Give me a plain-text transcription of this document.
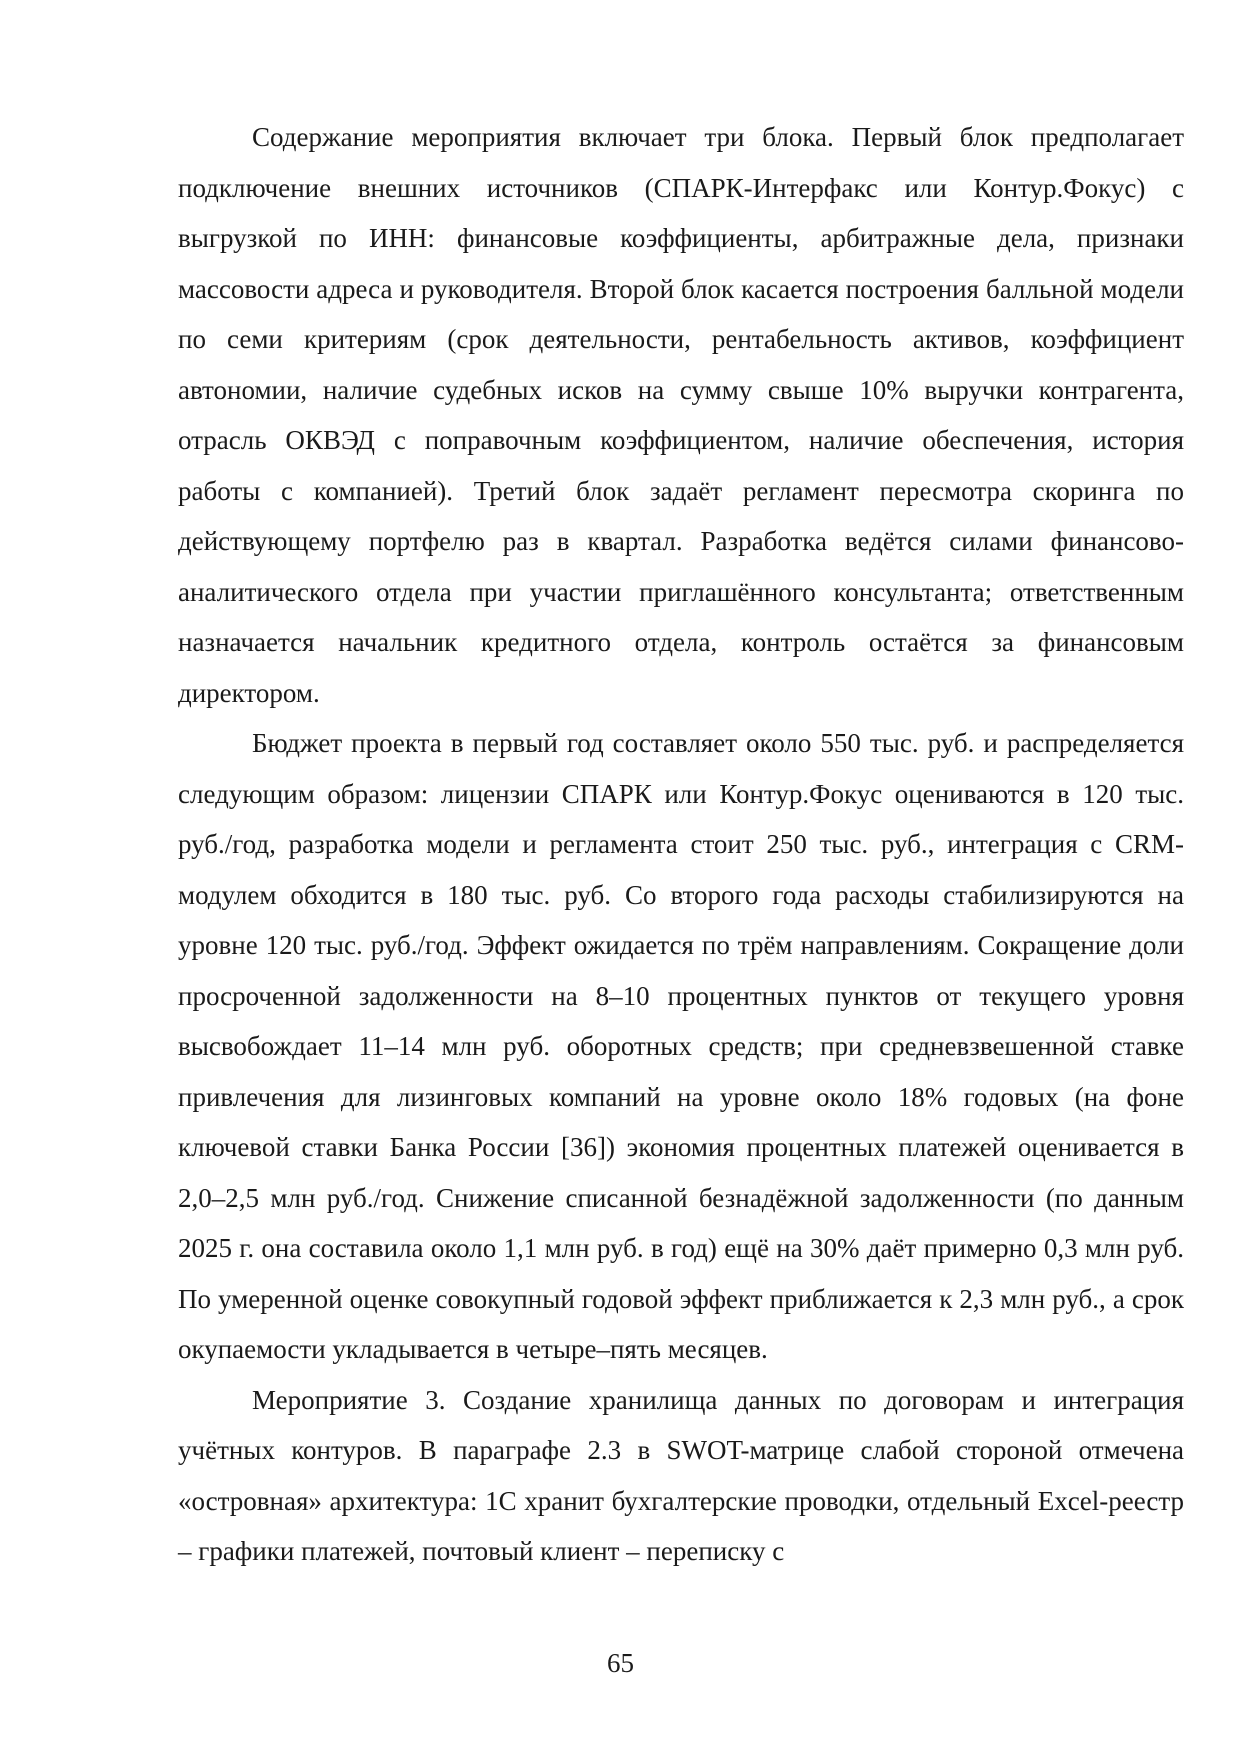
Содержание мероприятия включает три блока. Первый блок предполагает подключение внешних источников (СПАРК-Интерфакс или Контур.Фокус) с выгрузкой по ИНН: финансовые коэффициенты, арбитражные дела, признаки массовости адреса и руководителя. Второй блок касается построения балльной модели по семи критериям (срок деятельности, рентабельность активов, коэффициент автономии, наличие судебных исков на сумму свыше 10% выручки контрагента, отрасль ОКВЭД с поправочным коэффициентом, наличие обеспечения, история работы с компанией). Третий блок задаёт регламент пересмотра скоринга по действующему портфелю раз в квартал. Разработка ведётся силами финансово-аналитического отдела при участии приглашённого консультанта; ответственным назначается начальник кредитного отдела, контроль остаётся за финансовым директором.

Бюджет проекта в первый год составляет около 550 тыс. руб. и распределяется следующим образом: лицензии СПАРК или Контур.Фокус оцениваются в 120 тыс. руб./год, разработка модели и регламента стоит 250 тыс. руб., интеграция с CRM-модулем обходится в 180 тыс. руб. Со второго года расходы стабилизируются на уровне 120 тыс. руб./год. Эффект ожидается по трём направлениям. Сокращение доли просроченной задолженности на 8–10 процентных пунктов от текущего уровня высвобождает 11–14 млн руб. оборотных средств; при средневзвешенной ставке привлечения для лизинговых компаний на уровне около 18% годовых (на фоне ключевой ставки Банка России [36]) экономия процентных платежей оценивается в 2,0–2,5 млн руб./год. Снижение списанной безнадёжной задолженности (по данным 2025 г. она составила около 1,1 млн руб. в год) ещё на 30% даёт примерно 0,3 млн руб. По умеренной оценке совокупный годовой эффект приближается к 2,3 млн руб., а срок окупаемости укладывается в четыре–пять месяцев.

Мероприятие 3. Создание хранилища данных по договорам и интеграция учётных контуров. В параграфе 2.3 в SWOT-матрице слабой стороной отмечена «островная» архитектура: 1С хранит бухгалтерские проводки, отдельный Excel-реестр – графики платежей, почтовый клиент – переписку с

65
